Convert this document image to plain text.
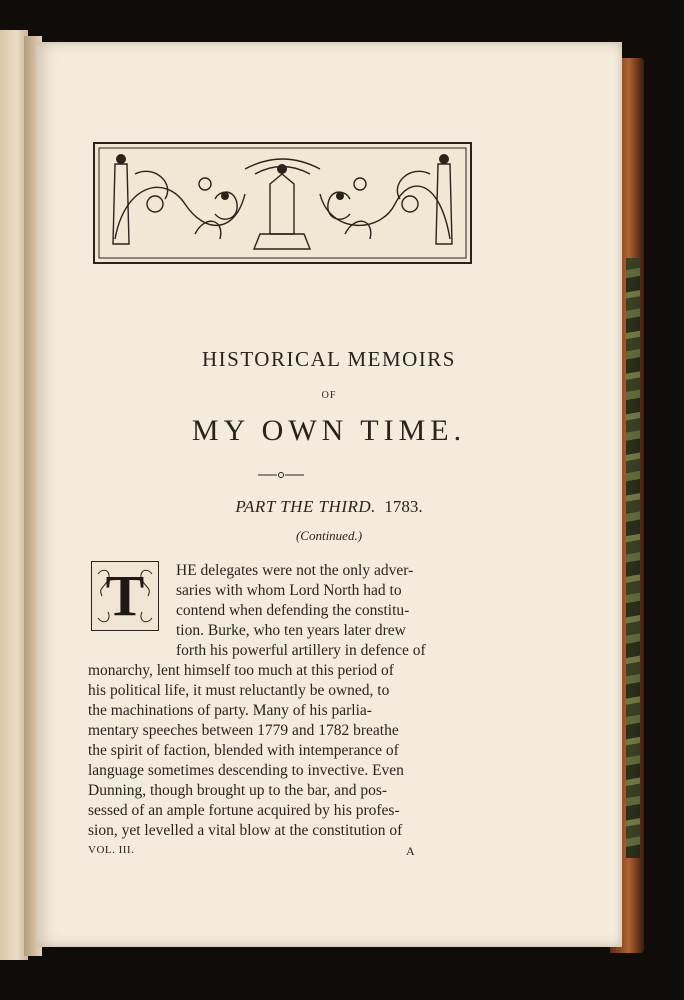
HISTORICAL MEMOIRS
OF
MY OWN TIME.
PART THE THIRD. 1783.
(Continued.)
T	HE delegates were not the only adver-
saries with whom Lord North had to
contend when defending the constitu-
tion. Burke, who ten years later drew
forth his powerful artillery in defence of
monarchy, lent himself too much at this period of
his political life, it must reluctantly be owned, to
the machinations of party. Many of his parlia-
mentary speeches between 1779 and 1782 breathe
the spirit of faction, blended with intemperance of
language sometimes descending to invective. Even
Dunning, though brought up to the bar, and pos-
sessed of an ample fortune acquired by his profes-
sion, yet levelled a vital blow at the constitution of
VOL. III.	A
